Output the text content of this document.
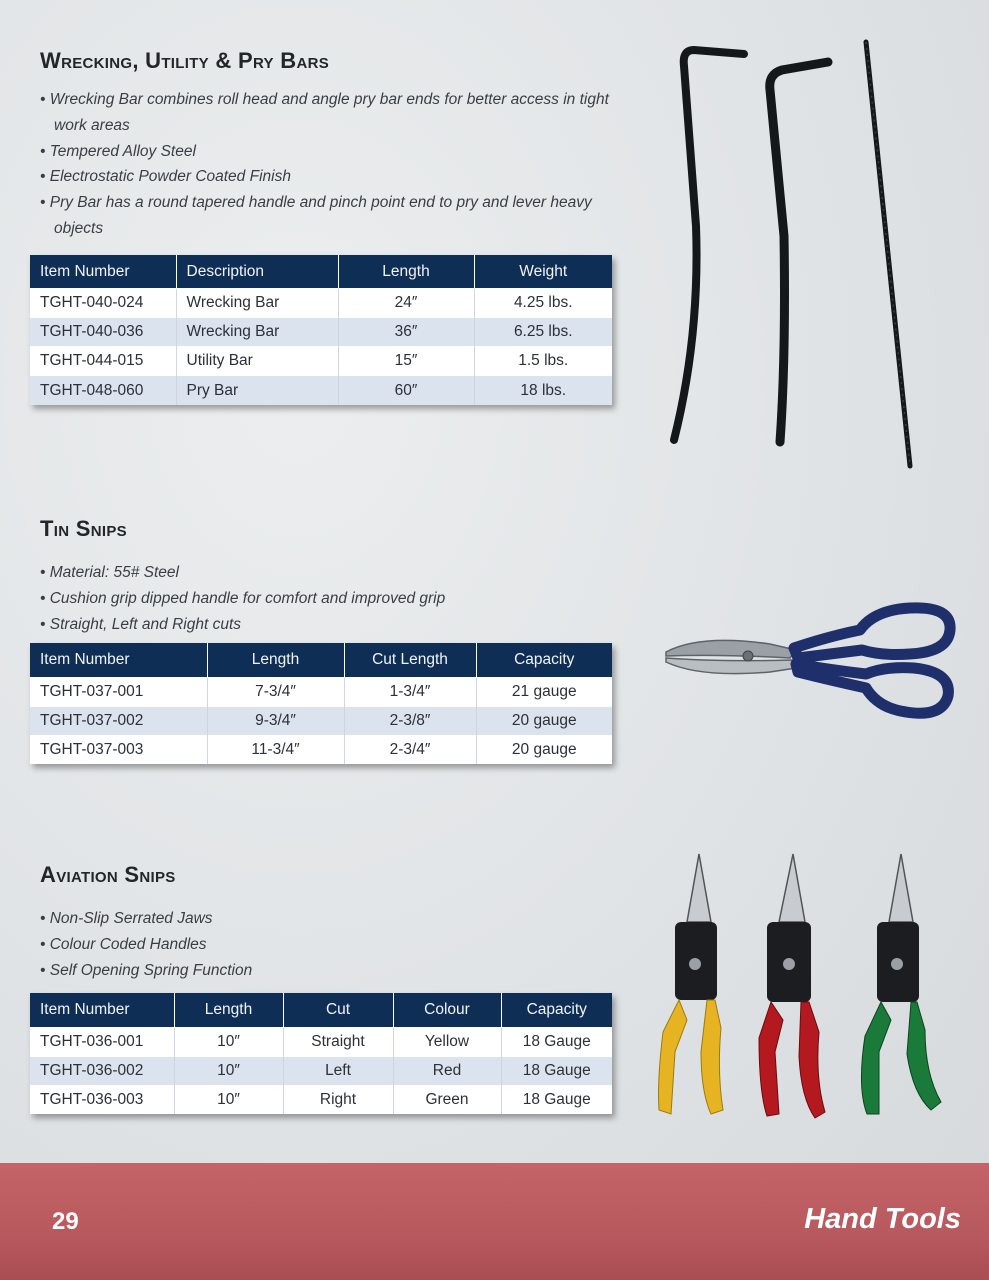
Wrecking, Utility & Pry Bars
• Wrecking Bar combines roll head and angle pry bar ends for better access in tight work areas
• Tempered Alloy Steel
• Electrostatic Powder Coated Finish
• Pry Bar has a round tapered handle and pinch point end to pry and lever heavy objects
Item Number	Description	Length	Weight
TGHT-040-024	Wrecking Bar	24″	4.25 lbs.
TGHT-040-036	Wrecking Bar	36″	6.25 lbs.
TGHT-044-015	Utility Bar	15″	1.5 lbs.
TGHT-048-060	Pry Bar	60″	18 lbs.
Tin Snips
• Material: 55# Steel
• Cushion grip dipped handle for comfort and improved grip
• Straight, Left and Right cuts
Item Number	Length	Cut Length	Capacity
TGHT-037-001	7-3/4″	1-3/4″	21 gauge
TGHT-037-002	9-3/4″	2-3/8″	20 gauge
TGHT-037-003	11-3/4″	2-3/4″	20 gauge
Aviation Snips
• Non-Slip Serrated Jaws
• Colour Coded Handles
• Self Opening Spring Function
Item Number	Length	Cut	Colour	Capacity
TGHT-036-001	10″	Straight	Yellow	18 Gauge
TGHT-036-002	10″	Left	Red	18 Gauge
TGHT-036-003	10″	Right	Green	18 Gauge
29	Hand Tools
